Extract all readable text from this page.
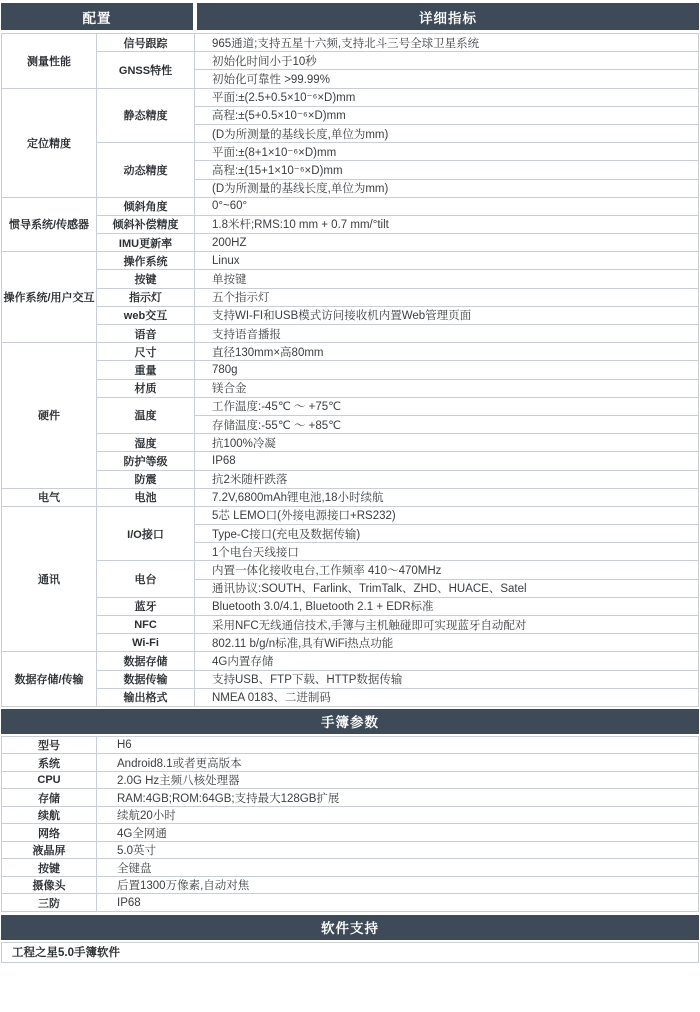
配置	详细指标
测量性能	信号跟踪	965通道;支持五星十六频,支持北斗三号全球卫星系统
	GNSS特性	初始化时间小于10秒
		初始化可靠性 >99.99%
定位精度	静态精度	平面:±(2.5+0.5×10⁻⁶×D)mm
		高程:±(5+0.5×10⁻⁶×D)mm
		(D为所测量的基线长度,单位为mm)
	动态精度	平面:±(8+1×10⁻⁶×D)mm
		高程:±(15+1×10⁻⁶×D)mm
		(D为所测量的基线长度,单位为mm)
惯导系统/传感器	倾斜角度	0°~60°
	倾斜补偿精度	1.8米杆;RMS:10 mm + 0.7 mm/°tilt
	IMU更新率	200HZ
操作系统/用户交互	操作系统	Linux
	按键	单按键
	指示灯	五个指示灯
	web交互	支持WI-FI和USB模式访问接收机内置Web管理页面
	语音	支持语音播报
硬件	尺寸	直径130mm×高80mm
	重量	780g
	材质	镁合金
	温度	工作温度:-45℃ ～ +75℃
		存储温度:-55℃ ～ +85℃
	湿度	抗100%冷凝
	防护等级	IP68
	防震	抗2米随杆跌落
电气	电池	7.2V,6800mAh锂电池,18小时续航
通讯	I/O接口	5芯 LEMO口(外接电源接口+RS232)
		Type-C接口(充电及数据传输)
		1个电台天线接口
	电台	内置一体化接收电台,工作频率 410～470MHz
		通讯协议:SOUTH、Farlink、TrimTalk、ZHD、HUACE、Satel
	蓝牙	Bluetooth 3.0/4.1, Bluetooth 2.1 + EDR标准
	NFC	采用NFC无线通信技术,手簿与主机触碰即可实现蓝牙自动配对
	Wi-Fi	802.11 b/g/n标准,具有WiFi热点功能
数据存储/传输	数据存储	4G内置存储
	数据传输	支持USB、FTP下载、HTTP数据传输
	输出格式	NMEA 0183、二进制码
手簿参数
型号	H6
系统	Android8.1或者更高版本
CPU	2.0G Hz主频八核处理器
存储	RAM:4GB;ROM:64GB;支持最大128GB扩展
续航	续航20小时
网络	4G全网通
液晶屏	5.0英寸
按键	全键盘
摄像头	后置1300万像素,自动对焦
三防	IP68
软件支持
工程之星5.0手簿软件
